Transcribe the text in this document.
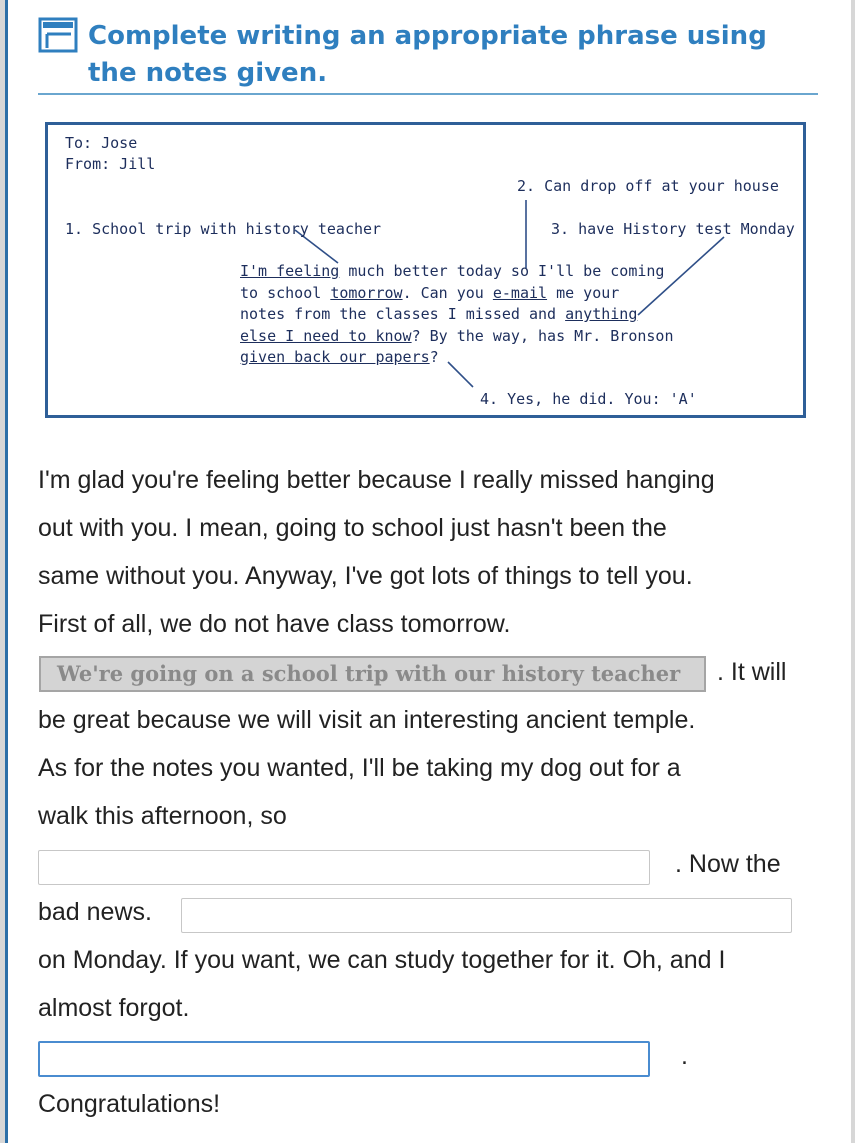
Complete writing an appropriate phrase using the notes given.
To: Jose
From: Jill
2. Can drop off at your house
1. School trip with history teacher	3. have History test Monday
I'm feeling much better today so I'll be coming
to school tomorrow. Can you e-mail me your
notes from the classes I missed and anything
else I need to know? By the way, has Mr. Bronson
given back our papers?
4. Yes, he did. You: 'A'
I'm glad you're feeling better because I really missed hanging
out with you. I mean, going to school just hasn't been the
same without you. Anyway, I've got lots of things to tell you.
First of all, we do not have class tomorrow.
We're going on a school trip with our history teacher	. It will
be great because we will visit an interesting ancient temple.
As for the notes you wanted, I'll be taking my dog out for a
walk this afternoon, so
. Now the
bad news.
on Monday. If you want, we can study together for it. Oh, and I
almost forgot.
.
Congratulations!
